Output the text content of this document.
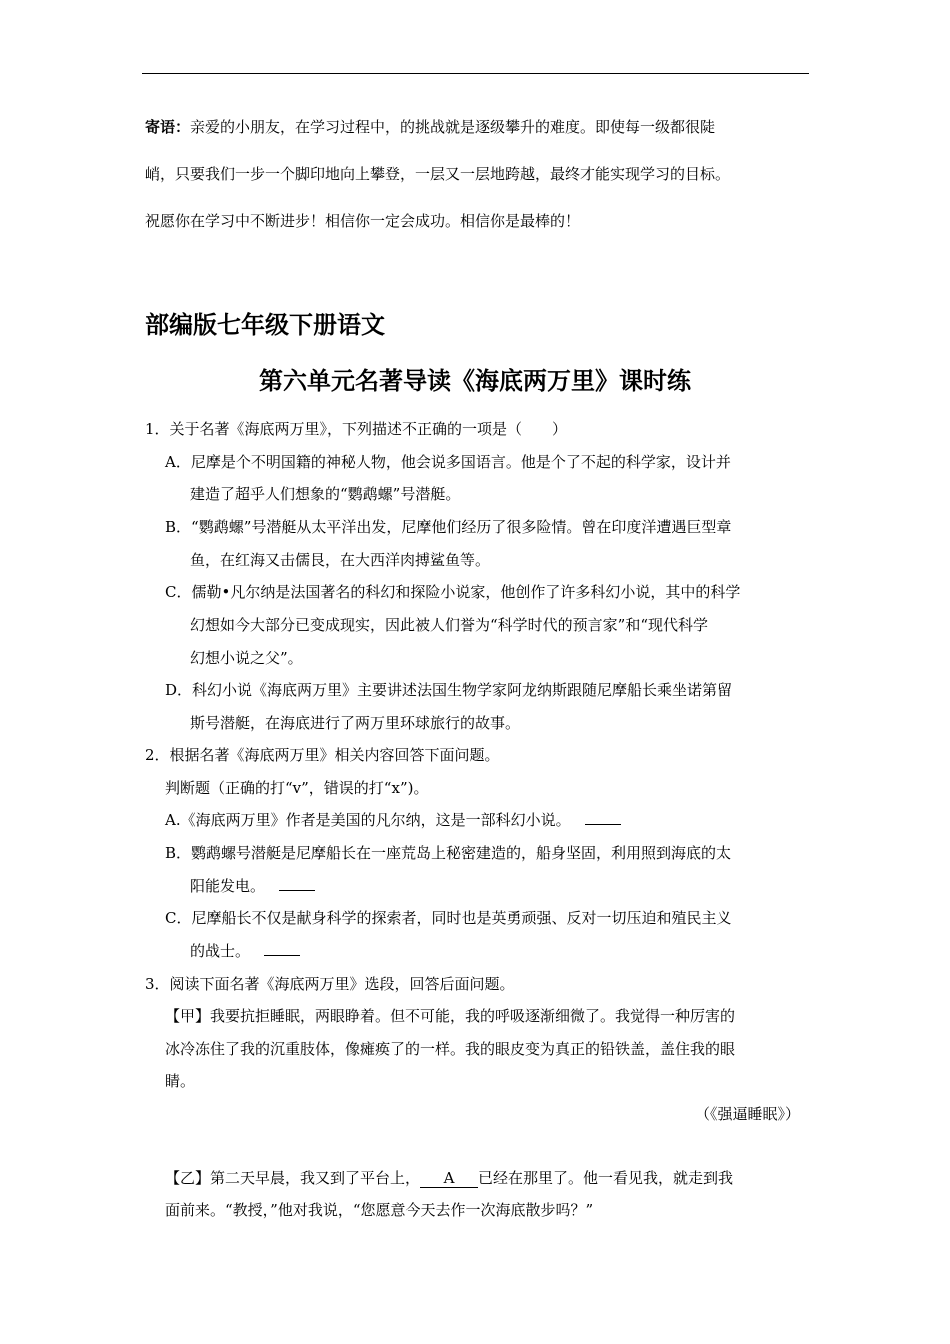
寄语：亲爱的小朋友，在学习过程中，的挑战就是逐级攀升的难度。即使每一级都很陡
峭，只要我们一步一个脚印地向上攀登，一层又一层地跨越，最终才能实现学习的目标。
祝愿你在学习中不断进步！相信你一定会成功。相信你是最棒的！
部编版七年级下册语文
第六单元名著导读《海底两万里》课时练
1．关于名著《海底两万里》，下列描述不正确的一项是（　　）
A．尼摩是个不明国籍的神秘人物，他会说多国语言。他是个了不起的科学家，设计并
建造了超乎人们想象的“鹦鹉螺”号潜艇。
B．“鹦鹉螺”号潜艇从太平洋出发，尼摩他们经历了很多险情。曾在印度洋遭遇巨型章
鱼，在红海又击儒艮，在大西洋肉搏鲨鱼等。
C．儒勒•凡尔纳是法国著名的科幻和探险小说家，他创作了许多科幻小说，其中的科学
幻想如今大部分已变成现实，因此被人们誉为“科学时代的预言家”和“现代科学
幻想小说之父”。
D．科幻小说《海底两万里》主要讲述法国生物学家阿龙纳斯跟随尼摩船长乘坐诺第留
斯号潜艇，在海底进行了两万里环球旅行的故事。
2．根据名著《海底两万里》相关内容回答下面问题。
判断题（正确的打“v”，错误的打“x”)。
A.《海底两万里》作者是美国的凡尔纳，这是一部科幻小说。
B．鹦鹉螺号潜艇是尼摩船长在一座荒岛上秘密建造的，船身坚固，利用照到海底的太
阳能发电。
C．尼摩船长不仅是献身科学的探索者，同时也是英勇顽强、反对一切压迫和殖民主义
的战士。
3．阅读下面名著《海底两万里》选段，回答后面问题。
【甲】我要抗拒睡眠，两眼睁着。但不可能，我的呼吸逐渐细微了。我觉得一种厉害的
冰冷冻住了我的沉重肢体，像瘫痪了的一样。我的眼皮变为真正的铅铁盖，盖住我的眼
睛。
（《强逼睡眠》）
【乙】第二天早晨，我又到了平台上， A 已经在那里了。他一看见我，就走到我
面前来。“教授，”他对我说，“您愿意今天去作一次海底散步吗？”
